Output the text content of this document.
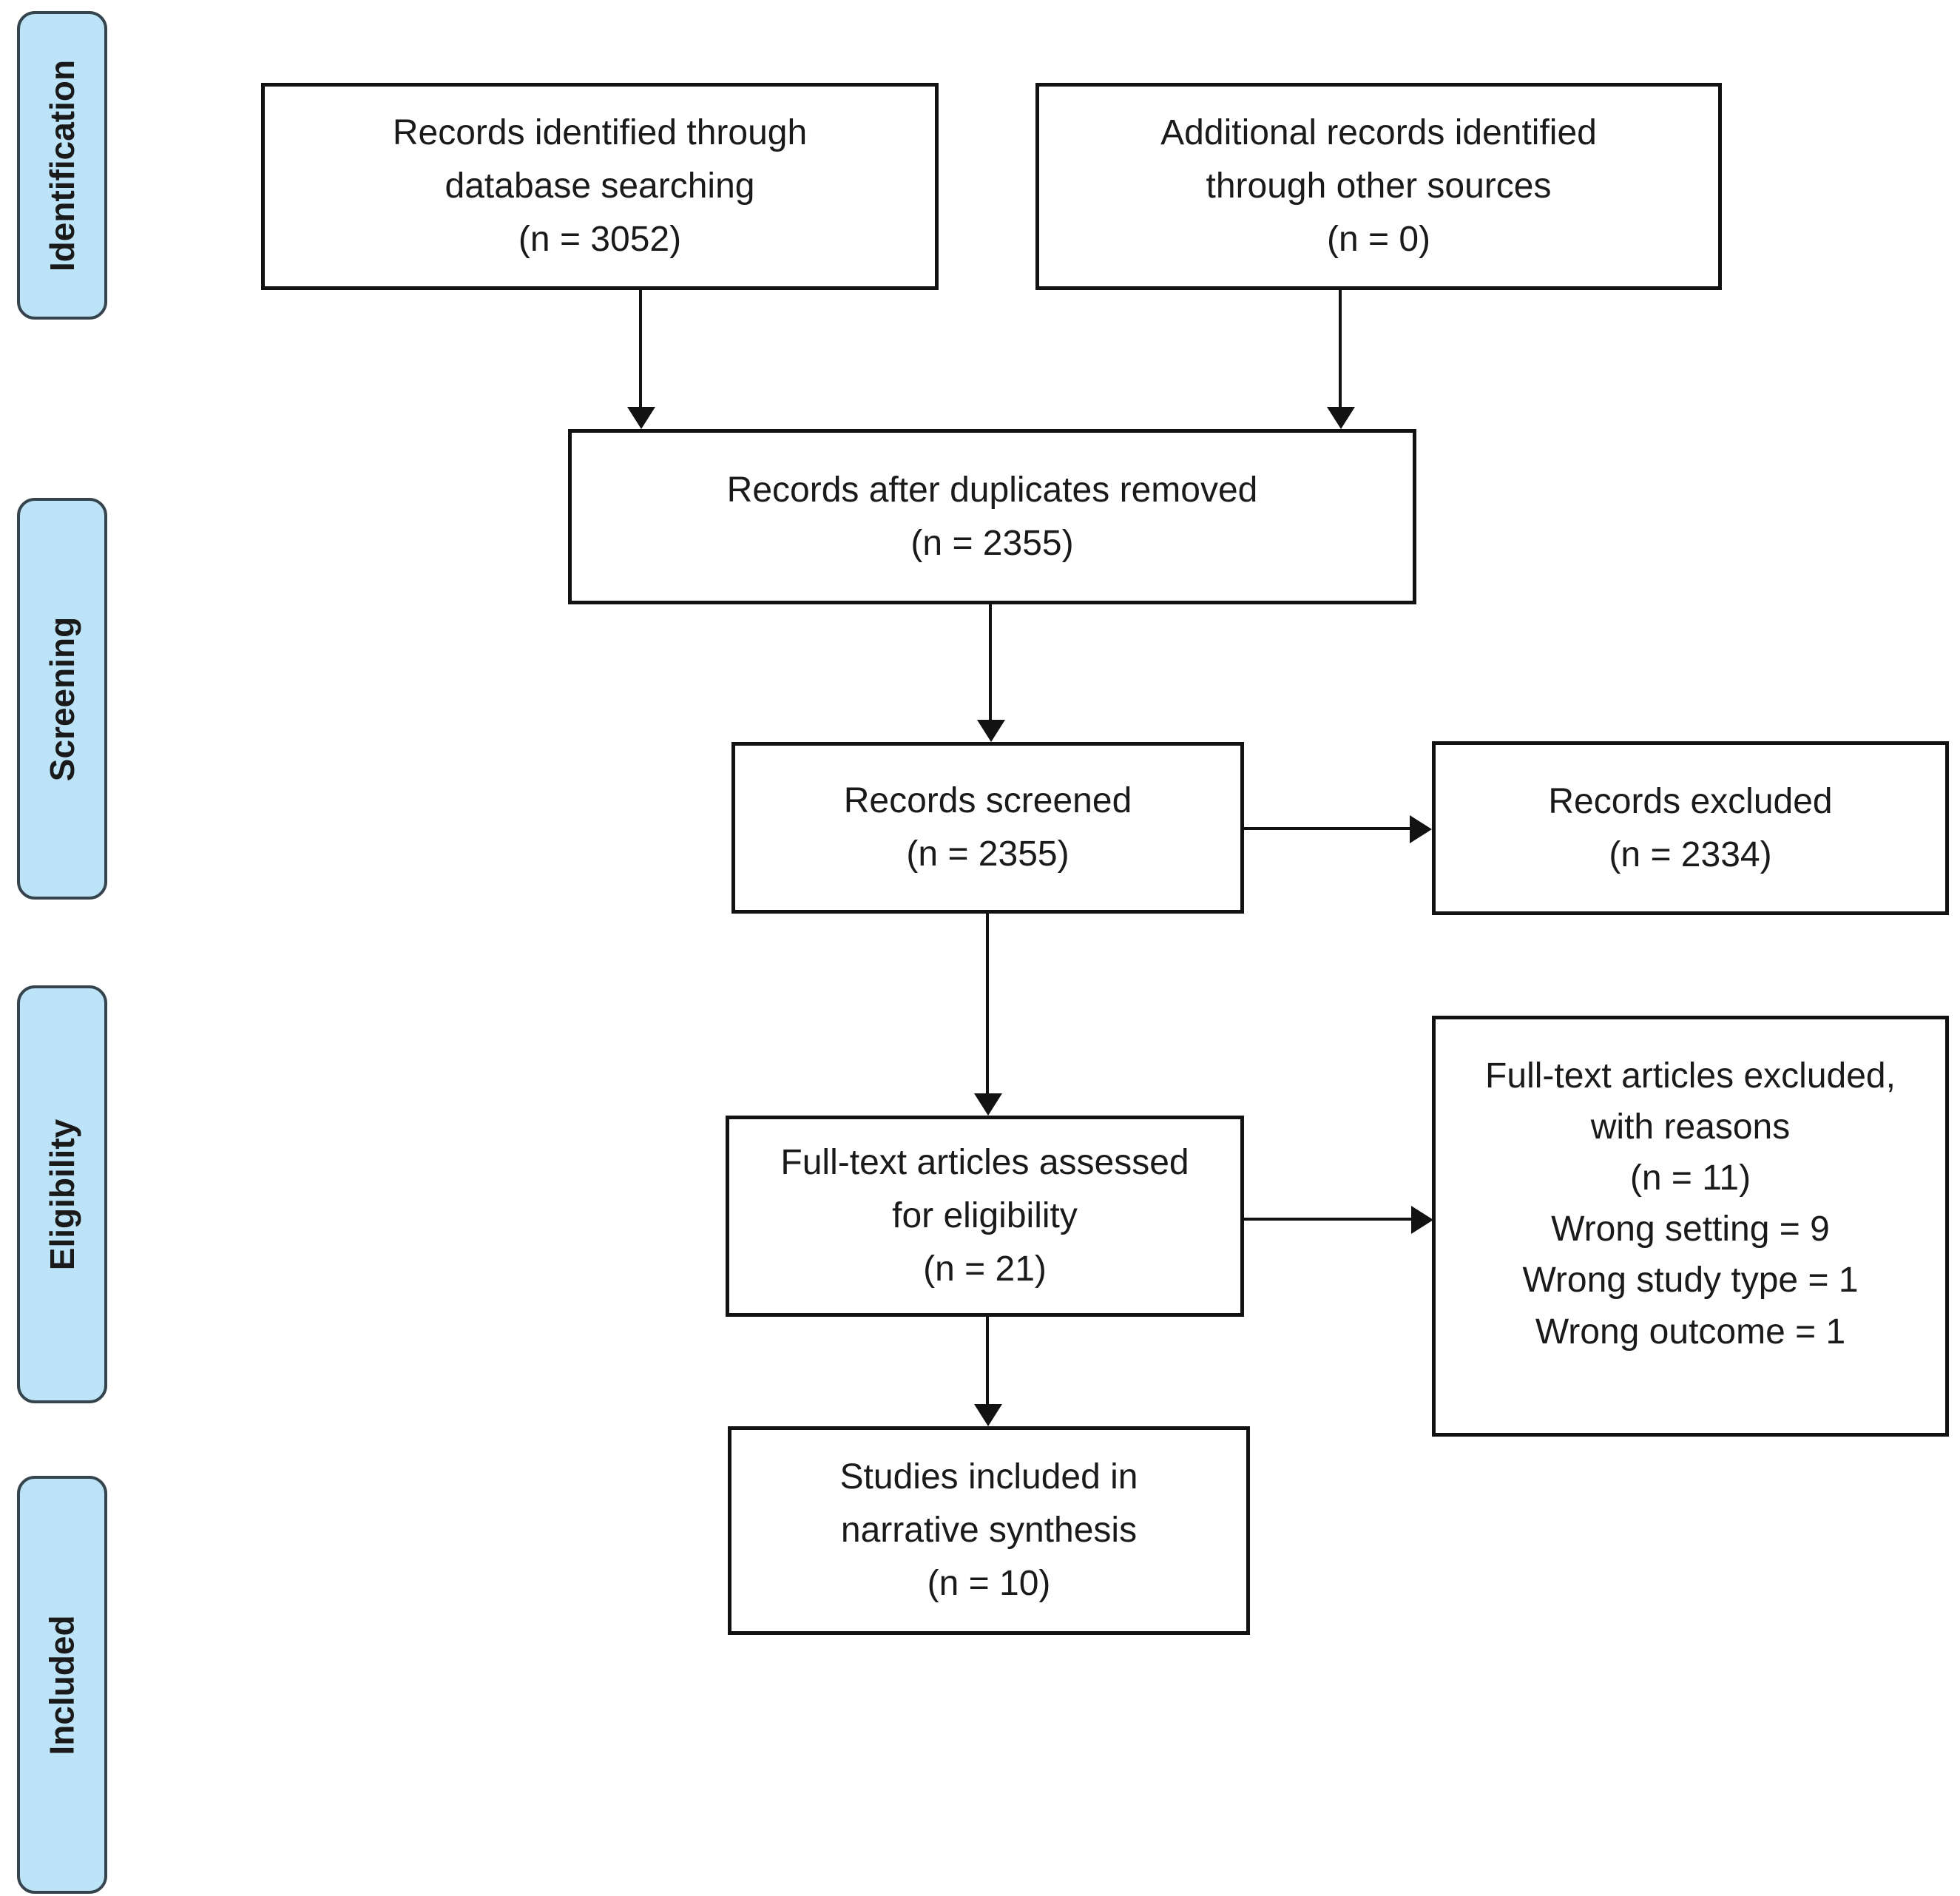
Identification
Screening
Eligibility
Included
Records identified through
database searching
(n = 3052)
Additional records identified
through other sources
(n = 0)
Records after duplicates removed
(n = 2355)
Records screened
(n = 2355)
Records excluded
(n = 2334)
Full-text articles assessed
for eligibility
(n = 21)
Full-text articles excluded,
with reasons
(n = 11)
Wrong setting = 9
Wrong study type = 1
Wrong outcome = 1
Studies included in
narrative synthesis
(n = 10)
